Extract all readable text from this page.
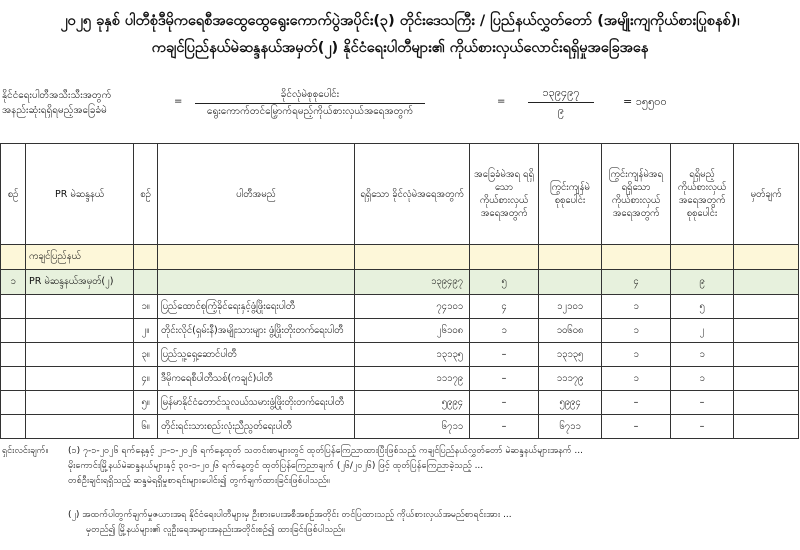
၂၀၂၅ ခုနှစ် ပါတီစုံဒီမိုကရေစီအထွေထွေရွေးကောက်ပွဲအပိုင်း(၃) တိုင်းဒေသကြီး / ပြည်နယ်လွှတ်တော် (အမျိုးကျကိုယ်စားပြုစနစ်)၊
ကချင်ပြည်နယ်မဲဆန္ဒနယ်အမှတ်(၂) နိုင်ငံရေးပါတီများ၏ ကိုယ်စားလှယ်လောင်းရရှိမှုအခြေအနေ
နိုင်ငံရေးပါတီအသီးသီးအတွက်
အနည်းဆုံးရရှိရမည့်အခြေခံမဲ
=
ခိုင်လုံမဲစုစုပေါင်း
ရွေးကောက်တင်မြှောက်ရမည့်ကိုယ်စားလှယ်အရေအတွက်
=
၁၃၉၄၉၇
၉
= ၁၅၅၀၀
စဉ်	PR မဲဆန္ဒနယ်	စဉ်	ပါတီအမည်	ရရှိသော ခိုင်လုံမဲအရေအတွက်	အခြေခံမဲအရ ရရှိသော ကိုယ်စားလှယ် အရေအတွက်	ကြွင်းကျန်မဲ စုစုပေါင်း	ကြွင်းကျန်မဲအရ ရရှိသော ကိုယ်စားလှယ် အရေအတွက်	ရရှိမည့် ကိုယ်စားလှယ် အရေအတွက် စုစုပေါင်း	မှတ်ချက်
	ကချင်ပြည်နယ်								
၁	PR မဲဆန္ဒနယ်အမှတ်(၂)			၁၃၉၄၉၇	၅		၄	၉	
		၁။	ပြည်ထောင်စုကြံ့ခိုင်ရေးနှင့်ဖွံ့ဖြိုးရေးပါတီ	၇၄၁၀၁	၄	၁၂၁၀၁	၁	၅	
		၂။	တိုင်းလိုင်(ရှမ်းနီ)အမျိုးသားများ ဖွံ့ဖြိုးတိုးတက်ရေးပါတီ	၂၆၁၀၈	၁	၁၀၆၀၈	၁	၂	
		၃။	ပြည်သူ့ရှေ့ဆောင်ပါတီ	၁၃၁၃၅	–	၁၃၁၃၅	၁	၁	
		၄။	ဒီမိုကရေစီပါတီသစ်(ကချင်)ပါတီ	၁၁၁၇၉	–	၁၁၁၇၉	၁	၁	
		၅။	မြန်မာနိုင်ငံတောင်သူလယ်သမားဖွံ့ဖြိုးတိုးတက်ရေးပါတီ	၅၉၉၄	–	၅၉၉၄	–	–	
		၆။	တိုင်းရင်းသားစည်းလုံးညီညွတ်ရေးပါတီ	၆၇၁၁	–	၆၇၁၁	–	–	
ရှင်းလင်းချက်။ (၁) ၇-၁-၂၀၂၆ ရက်နေ့နှင့် ၂၁-၁-၂၀၂၆ ရက်နေ့ထုတ် သတင်းစာများတွင် ထုတ်ပြန်ကြေညာထားပြီးဖြစ်သည့် ကချင်ပြည်နယ်လွှတ်တော် မဲဆန္ဒနယ်များအနက် ...
မိုးကောင်းမြို့နယ်မဲဆန္ဒနယ်များနှင့် ၃၀-၁-၂၀၂၆ ရက်နေ့တွင် ထုတ်ပြန်ကြေညာချက် (၂၆/၂၀၂၆) ဖြင့် ထုတ်ပြန်ကြေညာခဲ့သည့် ...
တစ်ဦးချင်းရရှိသည့် ဆန္ဒမဲရရှိမှုစာရင်းများပေါင်း၍ တွက်ချက်ထားခြင်းဖြစ်ပါသည်။
(၂) အထက်ပါတွက်ချက်မှုဇယားအရ နိုင်ငံရေးပါတီများမှ ဦးစားပေးအစီအစဉ်အတိုင်း တင်ပြထားသည့် ကိုယ်စားလှယ်အမည်စာရင်းအား ...
မှတည်၍ မြို့နယ်များ၏ လူဦးရေအများအနည်းအတိုင်းစဉ်၍ ထားခြင်းဖြစ်ပါသည်။
